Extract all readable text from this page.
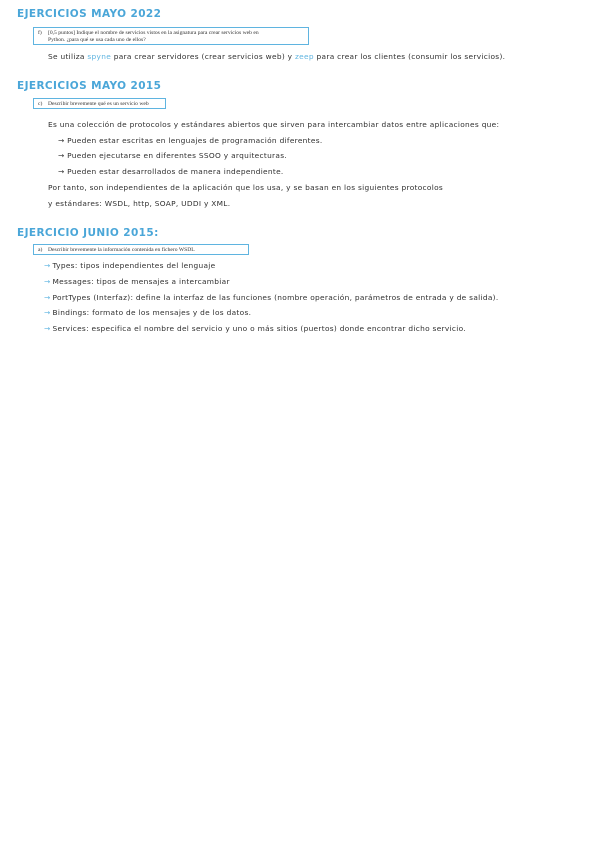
EJERCICIOS MAYO 2022
f) [0,5 puntos] Indique el nombre de servicios vistos en la asignatura para crear servicios web en
Python. ¿para qué se usa cada uno de ellos?
Se utiliza spyne para crear servidores (crear servicios web) y zeep para crear los clientes (consumir los servicios).
EJERCICIOS MAYO 2015
c) Describir brevemente qué es un servicio web
Es una colección de protocolos y estándares abiertos que sirven para intercambiar datos entre aplicaciones que:
→ Pueden estar escritas en lenguajes de programación diferentes.
→ Pueden ejecutarse en diferentes SSOO y arquitecturas.
→ Pueden estar desarrollados de manera independiente.
Por tanto, son independientes de la aplicación que los usa, y se basan en los siguientes protocolos
y estándares: WSDL, http, SOAP, UDDI y XML.
EJERCICIO JUNIO 2015:
a) Describir brevemente la información contenida en fichero WSDL
→ Types: tipos independientes del lenguaje
→ Messages: tipos de mensajes a intercambiar
→ PortTypes (Interfaz): define la interfaz de las funciones (nombre operación, parámetros de entrada y de salida).
→ Bindings: formato de los mensajes y de los datos.
→ Services: especifica el nombre del servicio y uno o más sitios (puertos) donde encontrar dicho servicio.
